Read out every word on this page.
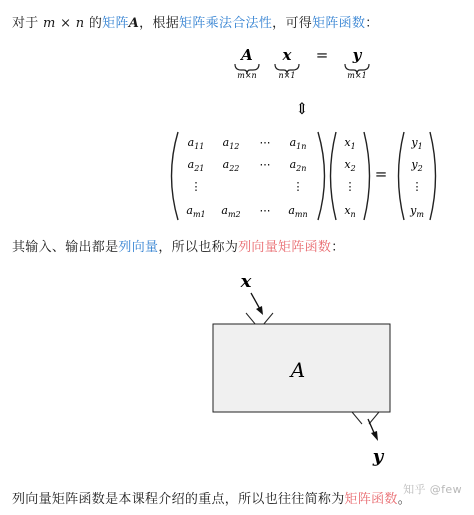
对于 m × n 的矩阵A，根据矩阵乘法合法性，可得矩阵函数：
A
m×n
x
n×1
= y
m×1
⇕
$a_{11}$ $a_{12}$ ⋯ $a_{1n}$
$a_{21}$ $a_{22}$ ⋯ $a_{2n}$
⋮	⋮
$a_{m1}$ $a_{m2}$ ⋯ $a_{mn}$
$x_1$
$x_2$
⋮
$x_n$
=
$y_1$
$y_2$
⋮
$y_m$
其输入、输出都是列向量，所以也称为列向量矩阵函数：
x
A
y
列向量矩阵函数是本课程介绍的重点，所以也往往简称为矩阵函数。
知乎 @few
